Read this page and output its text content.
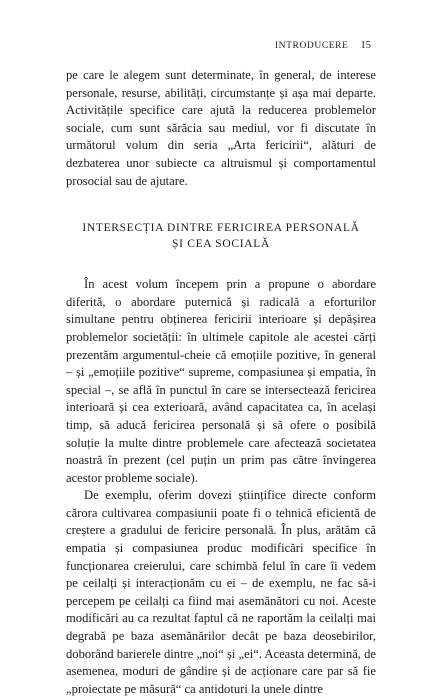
INTRODUCERE 15

pe care le alegem sunt determinate, în general, de interese personale, resurse, abilități, circumstanțe și așa mai departe. Activitățile specifice care ajută la reducerea problemelor sociale, cum sunt sărăcia sau mediul, vor fi discutate în următorul volum din seria „Arta fericirii“, alături de dezbaterea unor subiecte ca altruismul și comportamentul prosocial sau de ajutare.

INTERSECȚIA DINTRE FERICIREA PERSONALĂ
ȘI CEA SOCIALĂ

În acest volum începem prin a propune o abordare diferită, o abordare puternică și radicală a eforturilor simultane pentru obținerea fericirii interioare și depășirea problemelor societății: în ultimele capitole ale acestei cărți prezentăm argumentul-cheie că emoțiile pozitive, în general – și „emoțiile pozitive“ supreme, compasiunea și empatia, în special –, se află în punctul în care se intersectează fericirea interioară și cea exterioară, având capacitatea ca, în același timp, să aducă fericirea personală și să ofere o posibilă soluție la multe dintre problemele care afectează societatea noastră în prezent (cel puțin un prim pas către învingerea acestor probleme sociale).

De exemplu, oferim dovezi științifice directe conform cărora cultivarea compasiunii poate fi o tehnică eficientă de creștere a gradului de fericire personală. În plus, arătăm că empatia și compasiunea produc modificări specifice în funcționarea creierului, care schimbă felul în care îi vedem pe ceilalți și interacționăm cu ei – de exemplu, ne fac să-i percepem pe ceilalți ca fiind mai asemănători cu noi. Aceste modificări au ca rezultat faptul că ne raportăm la ceilalți mai degrabă pe baza asemănărilor decât pe baza deosebirilor, doborând barierele dintre „noi“ și „ei“. Aceasta determină, de asemenea, moduri de gândire și de acționare care par să fie „proiectate pe măsură“ ca antidoturi la unele dintre
